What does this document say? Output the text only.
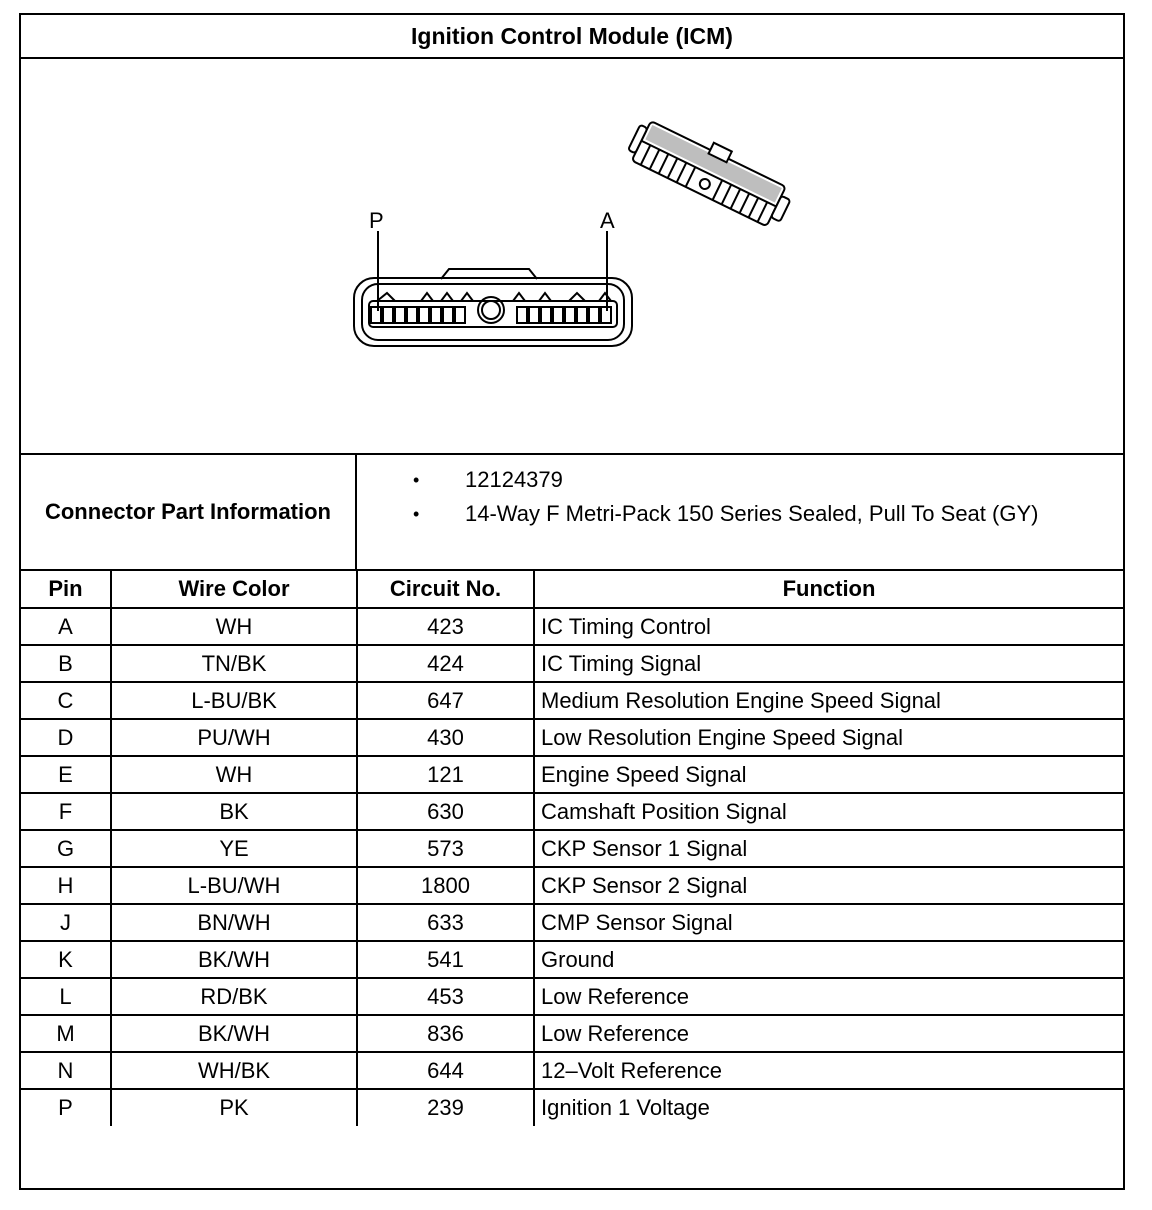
Ignition Control Module (ICM)
P	A
Connector Part Information
• 12124379
• 14-Way F Metri-Pack 150 Series Sealed, Pull To Seat (GY)
Pin	Wire Color	Circuit No.	Function
A	WH	423	IC Timing Control
B	TN/BK	424	IC Timing Signal
C	L-BU/BK	647	Medium Resolution Engine Speed Signal
D	PU/WH	430	Low Resolution Engine Speed Signal
E	WH	121	Engine Speed Signal
F	BK	630	Camshaft Position Signal
G	YE	573	CKP Sensor 1 Signal
H	L-BU/WH	1800	CKP Sensor 2 Signal
J	BN/WH	633	CMP Sensor Signal
K	BK/WH	541	Ground
L	RD/BK	453	Low Reference
M	BK/WH	836	Low Reference
N	WH/BK	644	12–Volt Reference
P	PK	239	Ignition 1 Voltage
